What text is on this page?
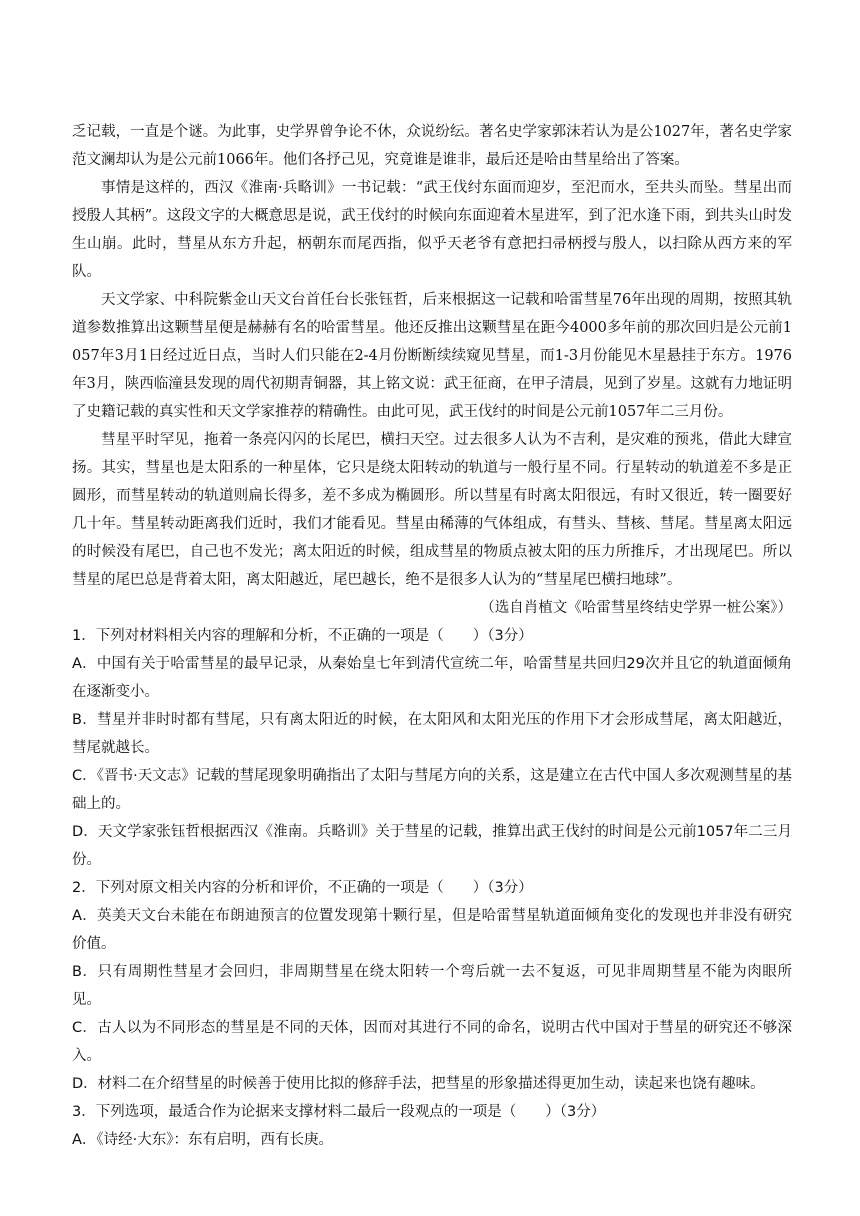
乏记载，一直是个谜。为此事，史学界曾争论不休，众说纷纭。著名史学家郭沫若认为是公1027年，著名史学家范文澜却认为是公元前1066年。他们各抒己见，究竟谁是谁非，最后还是哈由彗星给出了答案。

事情是这样的，西汉《淮南·兵略训》一书记载：“武王伐纣东面而迎岁，至汜而水，至共头而坠。彗星出而授殷人其柄”。这段文字的大概意思是说，武王伐纣的时候向东面迎着木星进军，到了汜水逢下雨，到共头山时发生山崩。此时，彗星从东方升起，柄朝东而尾西指，似乎天老爷有意把扫帚柄授与殷人，以扫除从西方来的军队。

天文学家、中科院紫金山天文台首任台长张钰哲，后来根据这一记载和哈雷彗星76年出现的周期，按照其轨道参数推算出这颗彗星便是赫赫有名的哈雷彗星。他还反推出这颗彗星在距今4000多年前的那次回归是公元前1057年3月1日经过近日点，当时人们只能在2-4月份断断续续窥见彗星，而1-3月份能见木星悬挂于东方。1976年3月，陕西临潼县发现的周代初期青铜器，其上铭文说：武王征商，在甲子清晨，见到了岁星。这就有力地证明了史籍记载的真实性和天文学家推荐的精确性。由此可见，武王伐纣的时间是公元前1057年二三月份。

彗星平时罕见，拖着一条亮闪闪的长尾巴，横扫天空。过去很多人认为不吉利，是灾难的预兆，借此大肆宣扬。其实，彗星也是太阳系的一种星体，它只是绕太阳转动的轨道与一般行星不同。行星转动的轨道差不多是正圆形，而彗星转动的轨道则扁长得多，差不多成为椭圆形。所以彗星有时离太阳很远，有时又很近，转一圈要好几十年。彗星转动距离我们近时，我们才能看见。彗星由稀薄的气体组成，有彗头、彗核、彗尾。彗星离太阳远的时候没有尾巴，自己也不发光；离太阳近的时候，组成彗星的物质点被太阳的压力所推斥，才出现尾巴。所以彗星的尾巴总是背着太阳，离太阳越近，尾巴越长，绝不是很多人认为的“彗星尾巴横扫地球”。

（选自肖植文《哈雷彗星终结史学界一桩公案》）

1．下列对材料相关内容的理解和分析，不正确的一项是（　　）（3分）

A．中国有关于哈雷彗星的最早记录，从秦始皇七年到清代宣统二年，哈雷彗星共回归29次并且它的轨道面倾角在逐渐变小。

B．彗星并非时时都有彗尾，只有离太阳近的时候，在太阳风和太阳光压的作用下才会形成彗尾，离太阳越近，彗尾就越长。

C．《晋书·天文志》记载的彗尾现象明确指出了太阳与彗尾方向的关系，这是建立在古代中国人多次观测彗星的基础上的。

D．天文学家张钰哲根据西汉《淮南。兵略训》关于彗星的记载，推算出武王伐纣的时间是公元前1057年二三月份。

2．下列对原文相关内容的分析和评价，不正确的一项是（　　）（3分）

A．英美天文台未能在布朗迪预言的位置发现第十颗行星，但是哈雷彗星轨道面倾角变化的发现也并非没有研究价值。

B．只有周期性彗星才会回归，非周期彗星在绕太阳转一个弯后就一去不复返，可见非周期彗星不能为肉眼所见。

C．古人以为不同形态的彗星是不同的天体，因而对其进行不同的命名，说明古代中国对于彗星的研究还不够深入。

D．材料二在介绍彗星的时候善于使用比拟的修辞手法，把彗星的形象描述得更加生动，读起来也饶有趣味。

3．下列选项，最适合作为论据来支撑材料二最后一段观点的一项是（　　）（3分）

A．《诗经·大东》：东有启明，西有长庚。
